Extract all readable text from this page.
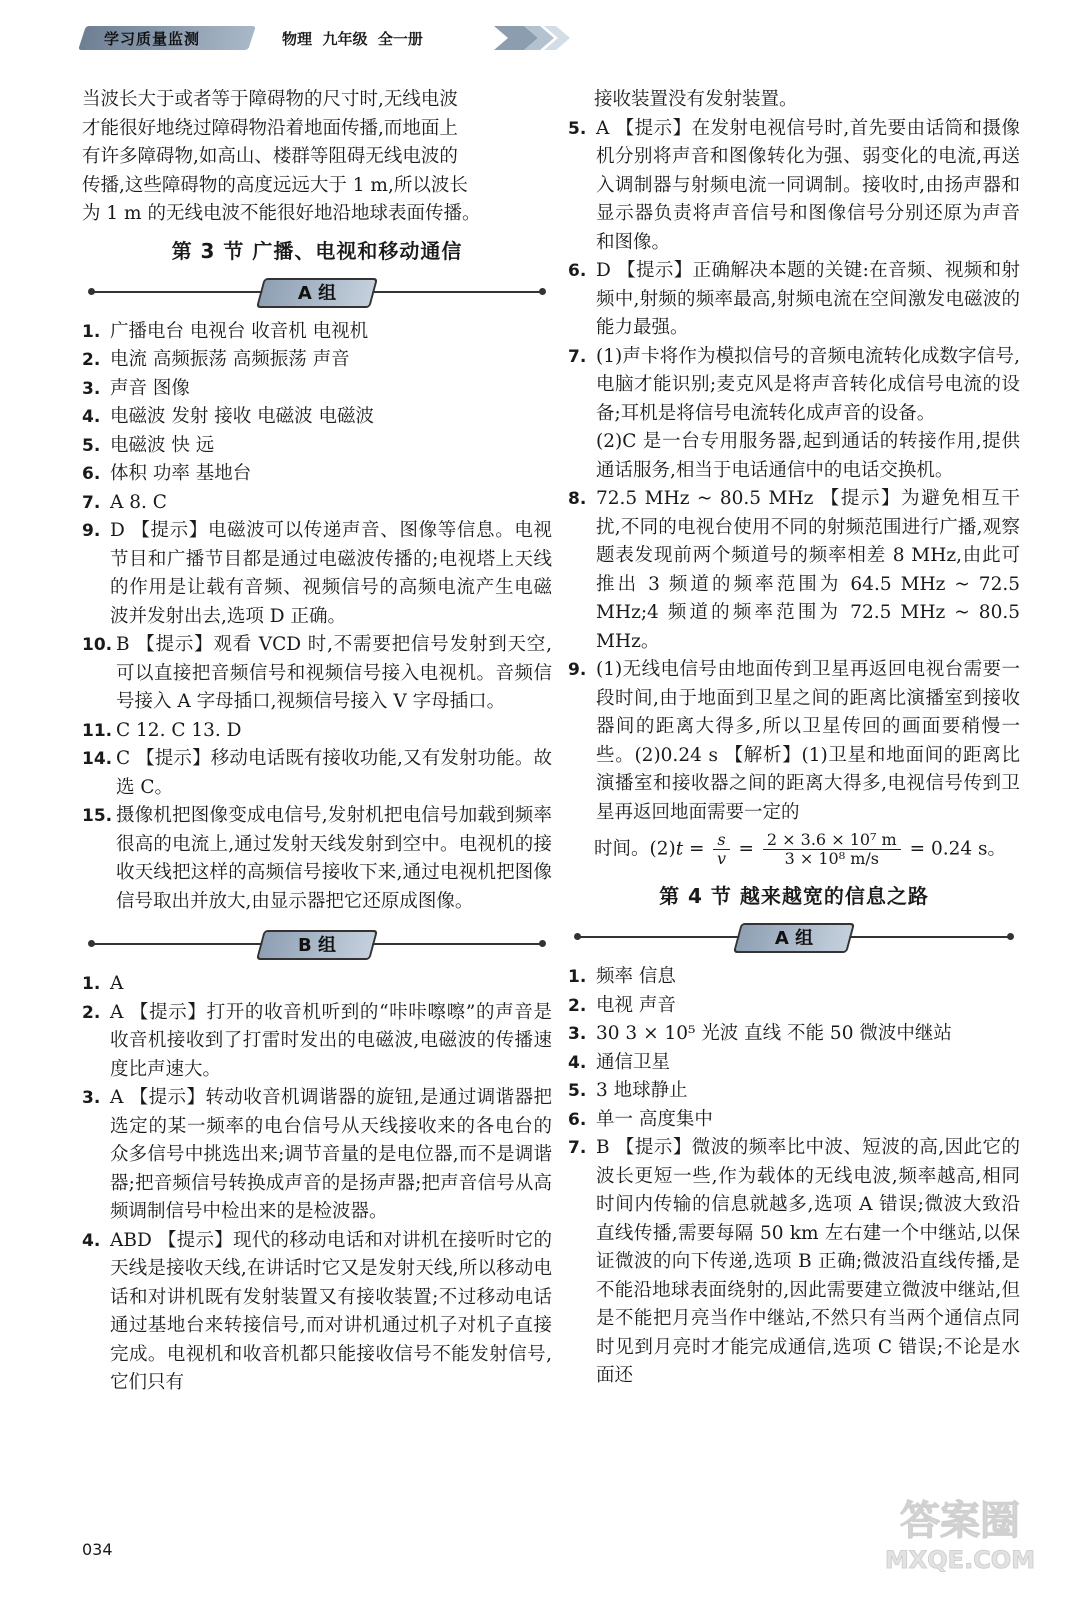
学习质量监测	物理  九年级  全一册

当波长大于或者等于障碍物的尺寸时,无线电波

才能很好地绕过障碍物沿着地面传播,而地面上

有许多障碍物,如高山、楼群等阻碍无线电波的

传播,这些障碍物的高度远远大于 1 m,所以波长

为 1 m 的无线电波不能很好地沿地球表面传播。

第 3 节 广播、电视和移动通信
A 组
1. 广播电台 电视台 收音机 电视机
2. 电流 高频振荡 高频振荡 声音
3. 声音 图像
4. 电磁波 发射 接收 电磁波 电磁波
5. 电磁波 快 远
6. 体积 功率 基地台
7. A 8. C
9. D 【提示】电磁波可以传递声音、图像等信息。电视节目和广播节目都是通过电磁波传播的;电视塔上天线的作用是让载有音频、视频信号的高频电流产生电磁波并发射出去,选项 D 正确。
10. B 【提示】观看 VCD 时,不需要把信号发射到天空,可以直接把音频信号和视频信号接入电视机。音频信号接入 A 字母插口,视频信号接入 V 字母插口。
11. C 12. C 13. D
14. C 【提示】移动电话既有接收功能,又有发射功能。故选 C。
15. 摄像机把图像变成电信号,发射机把电信号加载到频率很高的电流上,通过发射天线发射到空中。电视机的接收天线把这样的高频信号接收下来,通过电视机把图像信号取出并放大,由显示器把它还原成图像。
B 组
1. A
2. A 【提示】打开的收音机听到的“咔咔嚓嚓”的声音是收音机接收到了打雷时发出的电磁波,电磁波的传播速度比声速大。
3. A 【提示】转动收音机调谐器的旋钮,是通过调谐器把选定的某一频率的电台信号从天线接收来的各电台的众多信号中挑选出来;调节音量的是电位器,而不是调谐器;把音频信号转换成声音的是扬声器;把声音信号从高频调制信号中检出来的是检波器。
4. ABD 【提示】现代的移动电话和对讲机在接听时它的天线是接收天线,在讲话时它又是发射天线,所以移动电话和对讲机既有发射装置又有接收装置;不过移动电话通过基地台来转接信号,而对讲机通过机子对机子直接完成。电视机和收音机都只能接收信号不能发射信号,它们只有

接收装置没有发射装置。

5. A 【提示】在发射电视信号时,首先要由话筒和摄像机分别将声音和图像转化为强、弱变化的电流,再送入调制器与射频电流一同调制。接收时,由扬声器和显示器负责将声音信号和图像信号分别还原为声音和图像。
6. D 【提示】正确解决本题的关键:在音频、视频和射频中,射频的频率最高,射频电流在空间激发电磁波的能力最强。
7. (1)声卡将作为模拟信号的音频电流转化成数字信号,电脑才能识别;麦克风是将声音转化成信号电流的设备;耳机是将信号电流转化成声音的设备。
(2)C 是一台专用服务器,起到通话的转接作用,提供通话服务,相当于电话通信中的电话交换机。
8. 72.5 MHz ~ 80.5 MHz 【提示】为避免相互干扰,不同的电视台使用不同的射频范围进行广播,观察题表发现前两个频道号的频率相差 8 MHz,由此可推出 3 频道的频率范围为 64.5 MHz ~ 72.5 MHz;4 频道的频率范围为 72.5 MHz ~ 80.5 MHz。
9. (1)无线电信号由地面传到卫星再返回电视台需要一段时间,由于地面到卫星之间的距离比演播室到接收器间的距离大得多,所以卫星传回的画面要稍慢一些。(2)0.24 s 【解析】(1)卫星和地面间的距离比演播室和接收器之间的距离大得多,电视信号传到卫星再返回地面需要一定的

时间。$(2)t = \frac{s}{v} = \frac{\text{2 × 3.6 × 10⁷ m}}{\text{3 × 10⁸ m/s}} = 0.24$ s。

第 4 节 越来越宽的信息之路
A 组
1. 频率 信息
2. 电视 声音
3. 30 3 × 10⁵ 光波 直线 不能 50 微波中继站
4. 通信卫星
5. 3 地球静止
6. 单一 高度集中
7. B 【提示】微波的频率比中波、短波的高,因此它的波长更短一些,作为载体的无线电波,频率越高,相同时间内传输的信息就越多,选项 A 错误;微波大致沿直线传播,需要每隔 50 km 左右建一个中继站,以保证微波的向下传递,选项 B 正确;微波沿直线传播,是不能沿地球表面绕射的,因此需要建立微波中继站,但是不能把月亮当作中继站,不然只有当两个通信点同时见到月亮时才能完成通信,选项 C 错误;不论是水面还
034
答案圈
MXQE.COM
